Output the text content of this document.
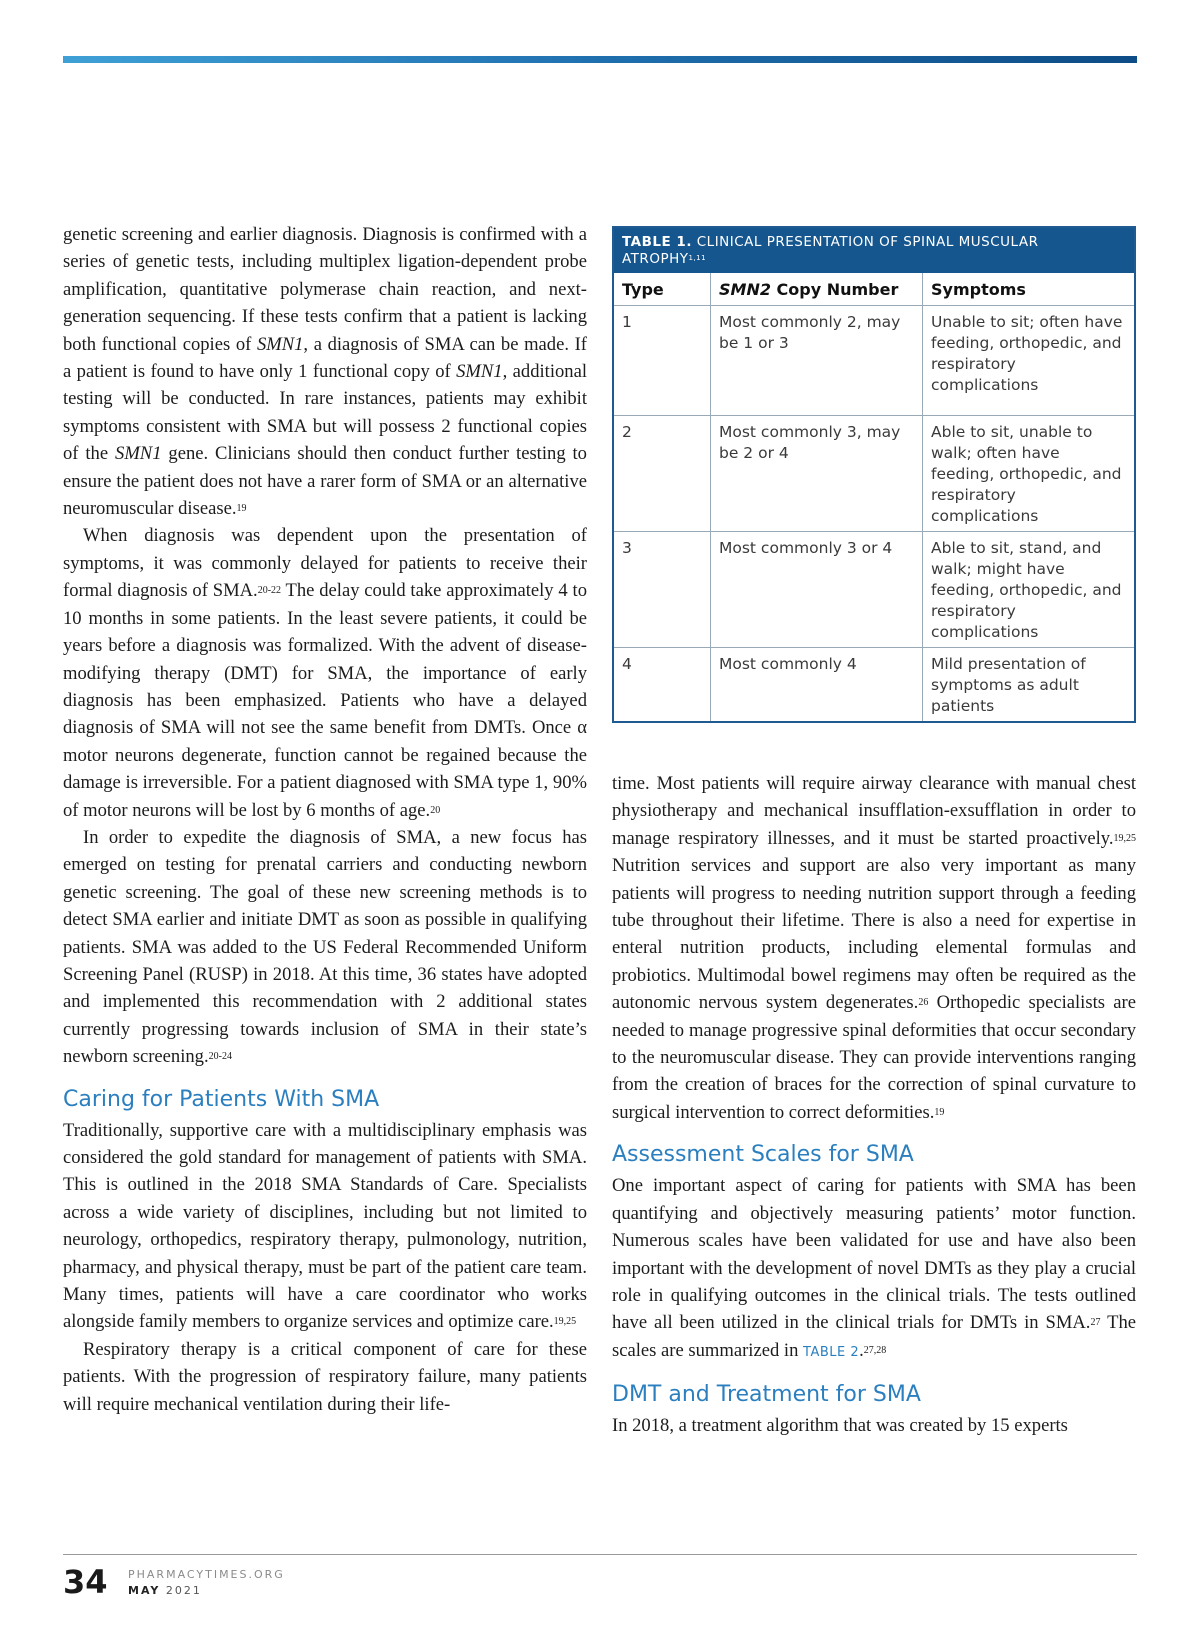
genetic screening and earlier diagnosis. Diagnosis is confirmed with a series of genetic tests, including multiplex ligation-dependent probe amplification, quantitative polymerase chain reaction, and next-generation sequencing. If these tests confirm that a patient is lacking both functional copies of SMN1, a diagnosis of SMA can be made. If a patient is found to have only 1 functional copy of SMN1, additional testing will be conducted. In rare instances, patients may exhibit symptoms consistent with SMA but will possess 2 functional copies of the SMN1 gene. Clinicians should then conduct further testing to ensure the patient does not have a rarer form of SMA or an alternative neuromuscular disease.$^{19}$

When diagnosis was dependent upon the presentation of symptoms, it was commonly delayed for patients to receive their formal diagnosis of SMA.$^{20-22}$ The delay could take approximately 4 to 10 months in some patients. In the least severe patients, it could be years before a diagnosis was formalized. With the advent of disease-modifying therapy (DMT) for SMA, the importance of early diagnosis has been emphasized. Patients who have a delayed diagnosis of SMA will not see the same benefit from DMTs. Once α motor neurons degenerate, function cannot be regained because the damage is irreversible. For a patient diagnosed with SMA type 1, 90% of motor neurons will be lost by 6 months of age.$^{20}$

In order to expedite the diagnosis of SMA, a new focus has emerged on testing for prenatal carriers and conducting newborn genetic screening. The goal of these new screening methods is to detect SMA earlier and initiate DMT as soon as possible in qualifying patients. SMA was added to the US Federal Recommended Uniform Screening Panel (RUSP) in 2018. At this time, 36 states have adopted and implemented this recommendation with 2 additional states currently progressing towards inclusion of SMA in their state’s newborn screening.$^{20-24}$

Caring for Patients With SMA

Traditionally, supportive care with a multidisciplinary emphasis was considered the gold standard for management of patients with SMA. This is outlined in the 2018 SMA Standards of Care. Specialists across a wide variety of disciplines, including but not limited to neurology, orthopedics, respiratory therapy, pulmonology, nutrition, pharmacy, and physical therapy, must be part of the patient care team. Many times, patients will have a care coordinator who works alongside family members to organize services and optimize care.$^{19,25}$

Respiratory therapy is a critical component of care for these patients. With the progression of respiratory failure, many patients will require mechanical ventilation during their life-

TABLE 1. CLINICAL PRESENTATION OF SPINAL MUSCULAR ATROPHY$^{1,11}$
Type	SMN2 Copy Number	Symptoms
1	Most commonly 2, may be 1 or 3	Unable to sit; often have feeding, orthopedic, and respiratory complications
2	Most commonly 3, may be 2 or 4	Able to sit, unable to walk; often have feeding, orthopedic, and respiratory complications
3	Most commonly 3 or 4	Able to sit, stand, and walk; might have feeding, orthopedic, and respiratory complications
4	Most commonly 4	Mild presentation of symptoms as adult patients

time. Most patients will require airway clearance with manual chest physiotherapy and mechanical insufflation-exsufflation in order to manage respiratory illnesses, and it must be started proactively.$^{19,25}$ Nutrition services and support are also very important as many patients will progress to needing nutrition support through a feeding tube throughout their lifetime. There is also a need for expertise in enteral nutrition products, including elemental formulas and probiotics. Multimodal bowel regimens may often be required as the autonomic nervous system degenerates.$^{26}$ Orthopedic specialists are needed to manage progressive spinal deformities that occur secondary to the neuromuscular disease. They can provide interventions ranging from the creation of braces for the correction of spinal curvature to surgical intervention to correct deformities.$^{19}$

Assessment Scales for SMA

One important aspect of caring for patients with SMA has been quantifying and objectively measuring patients’ motor function. Numerous scales have been validated for use and have also been important with the development of novel DMTs as they play a crucial role in qualifying outcomes in the clinical trials. The tests outlined have all been utilized in the clinical trials for DMTs in SMA.$^{27}$ The scales are summarized in TABLE 2.$^{27,28}$

DMT and Treatment for SMA

In 2018, a treatment algorithm that was created by 15 experts

34 PHARMACYTIMES.ORG
MAY 2021
